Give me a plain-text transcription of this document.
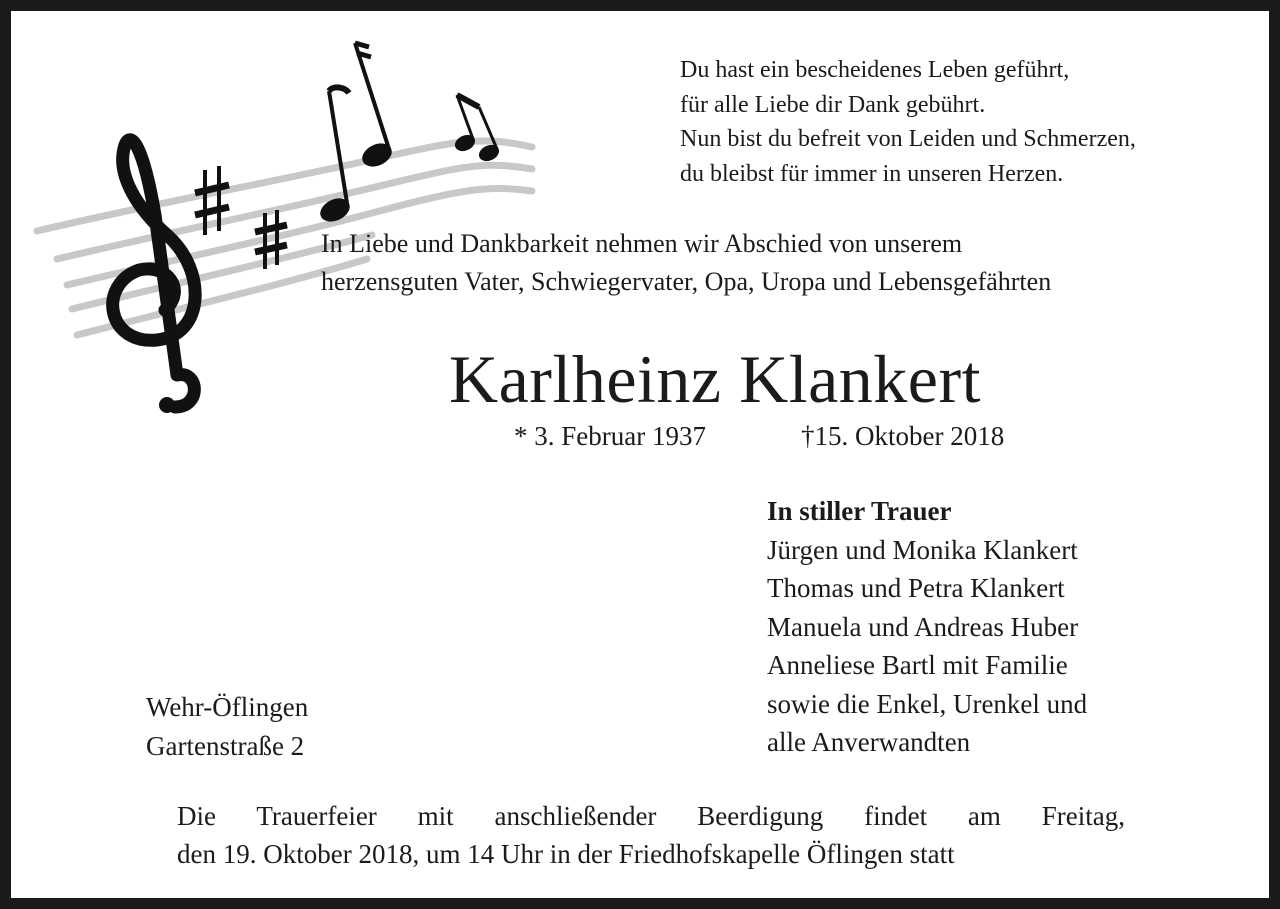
Du hast ein bescheidenes Leben geführt,
für alle Liebe dir Dank gebührt.
Nun bist du befreit von Leiden und Schmerzen,
du bleibst für immer in unseren Herzen.
In Liebe und Dankbarkeit nehmen wir Abschied von unserem
herzensguten Vater, Schwiegervater, Opa, Uropa und Lebensgefährten
Karlheinz Klankert
* 3. Februar 1937	†15. Oktober 2018
In stiller Trauer
Jürgen und Monika Klankert
Thomas und Petra Klankert
Manuela und Andreas Huber
Anneliese Bartl mit Familie
sowie die Enkel, Urenkel und
alle Anverwandten
Wehr-Öflingen
Gartenstraße 2
Die Trauerfeier mit anschließender Beerdigung findet am Freitag,
den 19. Oktober 2018, um 14 Uhr in der Friedhofskapelle Öflingen statt
